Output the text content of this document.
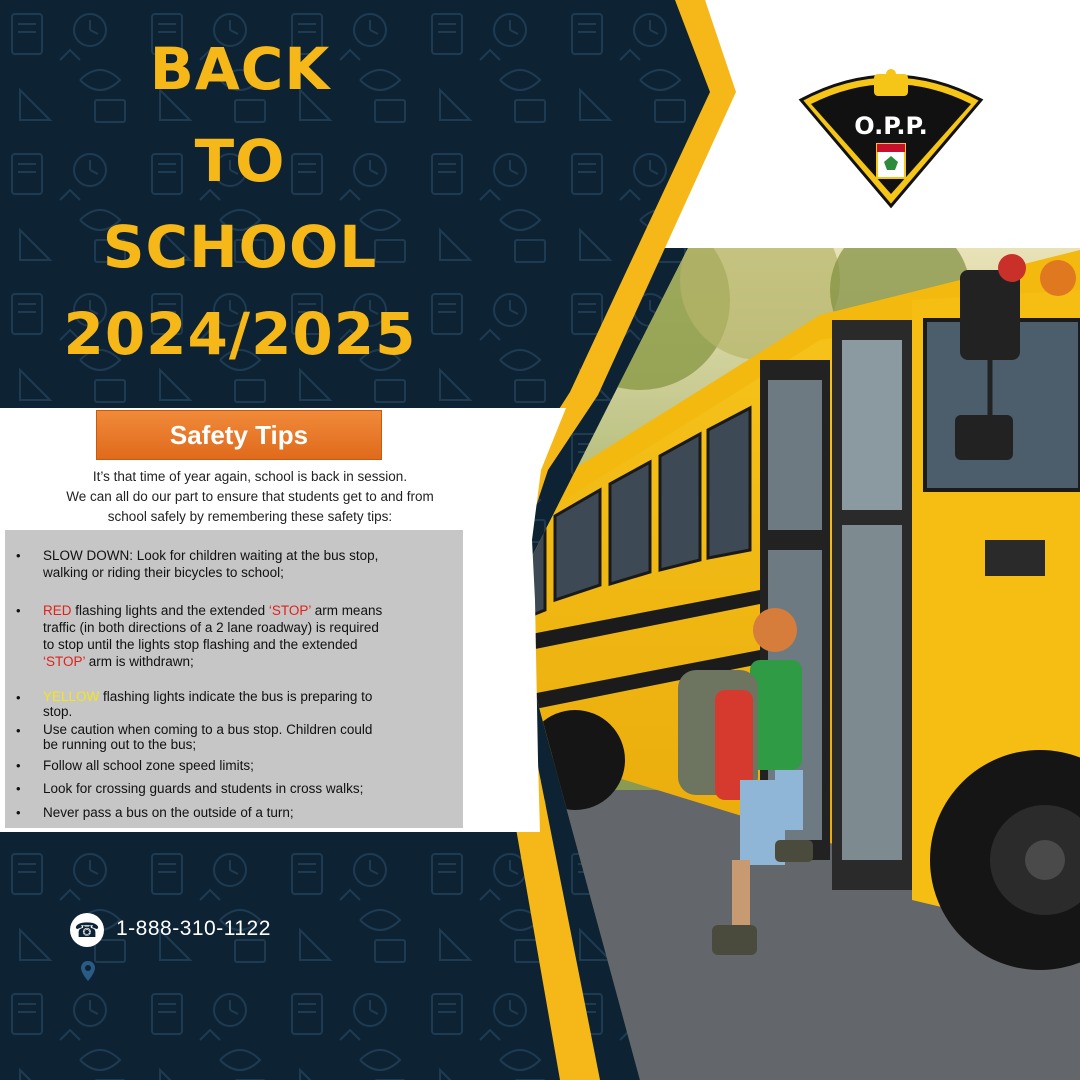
BACK
TO
SCHOOL
2024/2025
O.P.P.
Safety Tips
It’s that time of year again, school is back in session.
We can all do our part to ensure that students get to and from
school safely by remembering these safety tips:
• SLOW DOWN: Look for children waiting at the bus stop,
walking or riding their bicycles to school;
• RED flashing lights and the extended ‘STOP’ arm means
traffic (in both directions of a 2 lane roadway) is required
to stop until the lights stop flashing and the extended
‘STOP’ arm is withdrawn;
• YELLOW flashing lights indicate the bus is preparing to
stop.
• Use caution when coming to a bus stop. Children could
be running out to the bus;
• Follow all school zone speed limits;
• Look for crossing guards and students in cross walks;
• Never pass a bus on the outside of a turn;
☎ 1-888-310-1122
